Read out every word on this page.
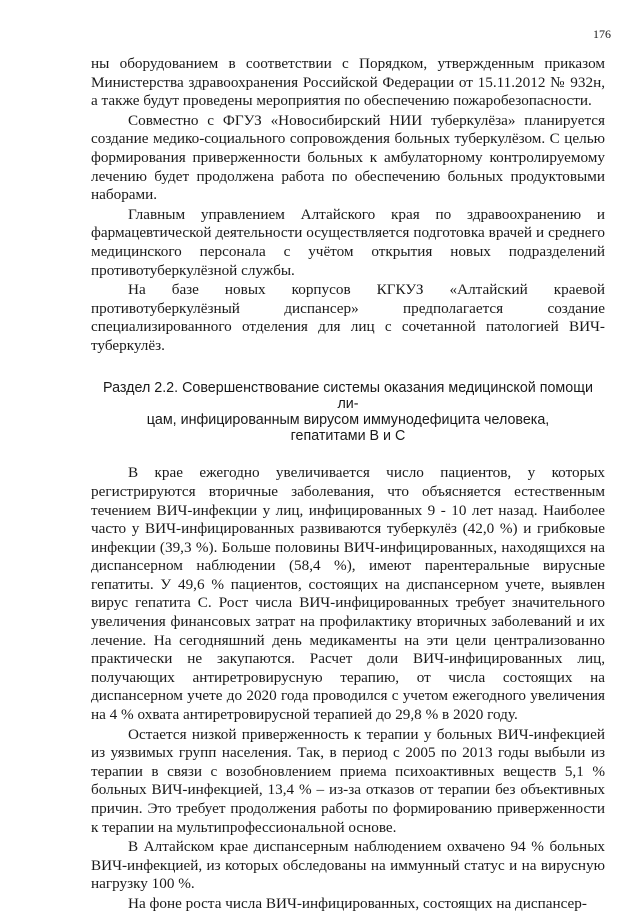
176

ны оборудованием в соответствии с Порядком, утвержденным приказом Министерства здравоохранения Российской Федерации от 15.11.2012 № 932н, а также будут проведены мероприятия по обеспечению пожаробезопасности.

Совместно с ФГУЗ «Новосибирский НИИ туберкулёза» планируется создание медико-социального сопровождения больных туберкулёзом. С целью формирования приверженности больных к амбулаторному контролируемому лечению будет продолжена работа по обеспечению больных продуктовыми наборами.

Главным управлением Алтайского края по здравоохранению и фармацевтической деятельности осуществляется подготовка врачей и среднего медицинского персонала с учётом открытия новых подразделений противотуберкулёзной службы.

На базе новых корпусов КГКУЗ «Алтайский краевой противотуберкулёзный диспансер» предполагается создание специализированного отделения для лиц с сочетанной патологией ВИЧ-туберкулёз.

Раздел 2.2. Совершенствование системы оказания медицинской помощи ли-
цам, инфицированным вирусом иммунодефицита человека,
гепатитами В и С

В крае ежегодно увеличивается число пациентов, у которых регистрируются вторичные заболевания, что объясняется естественным течением ВИЧ-инфекции у лиц, инфицированных 9 - 10 лет назад. Наиболее часто у ВИЧ-инфицированных развиваются туберкулёз (42,0 %) и грибковые инфекции (39,3 %). Больше половины ВИЧ-инфицированных, находящихся на диспансерном наблюдении (58,4 %), имеют парентеральные вирусные гепатиты. У 49,6 % пациентов, состоящих на диспансерном учете, выявлен вирус гепатита С. Рост числа ВИЧ-инфицированных требует значительного увеличения финансовых затрат на профилактику вторичных заболеваний и их лечение. На сегодняшний день медикаменты на эти цели централизованно практически не закупаются. Расчет доли ВИЧ-инфицированных лиц, получающих антиретровирусную терапию, от числа состоящих на диспансерном учете до 2020 года проводился с учетом ежегодного увеличения на 4 % охвата антиретровирусной терапией до 29,8 % в 2020 году.

Остается низкой приверженность к терапии у больных ВИЧ-инфекцией из уязвимых групп населения. Так, в период с 2005 по 2013 годы выбыли из терапии в связи с возобновлением приема психоактивных веществ 5,1 % больных ВИЧ-инфекцией, 13,4 % – из-за отказов от терапии без объективных причин. Это требует продолжения работы по формированию приверженности к терапии на мультипрофессиональной основе.

В Алтайском крае диспансерным наблюдением охвачено 94 % больных ВИЧ-инфекцией, из которых обследованы на иммунный статус и на вирусную нагрузку 100 %.

На фоне роста числа ВИЧ-инфицированных, состоящих на диспансер-
